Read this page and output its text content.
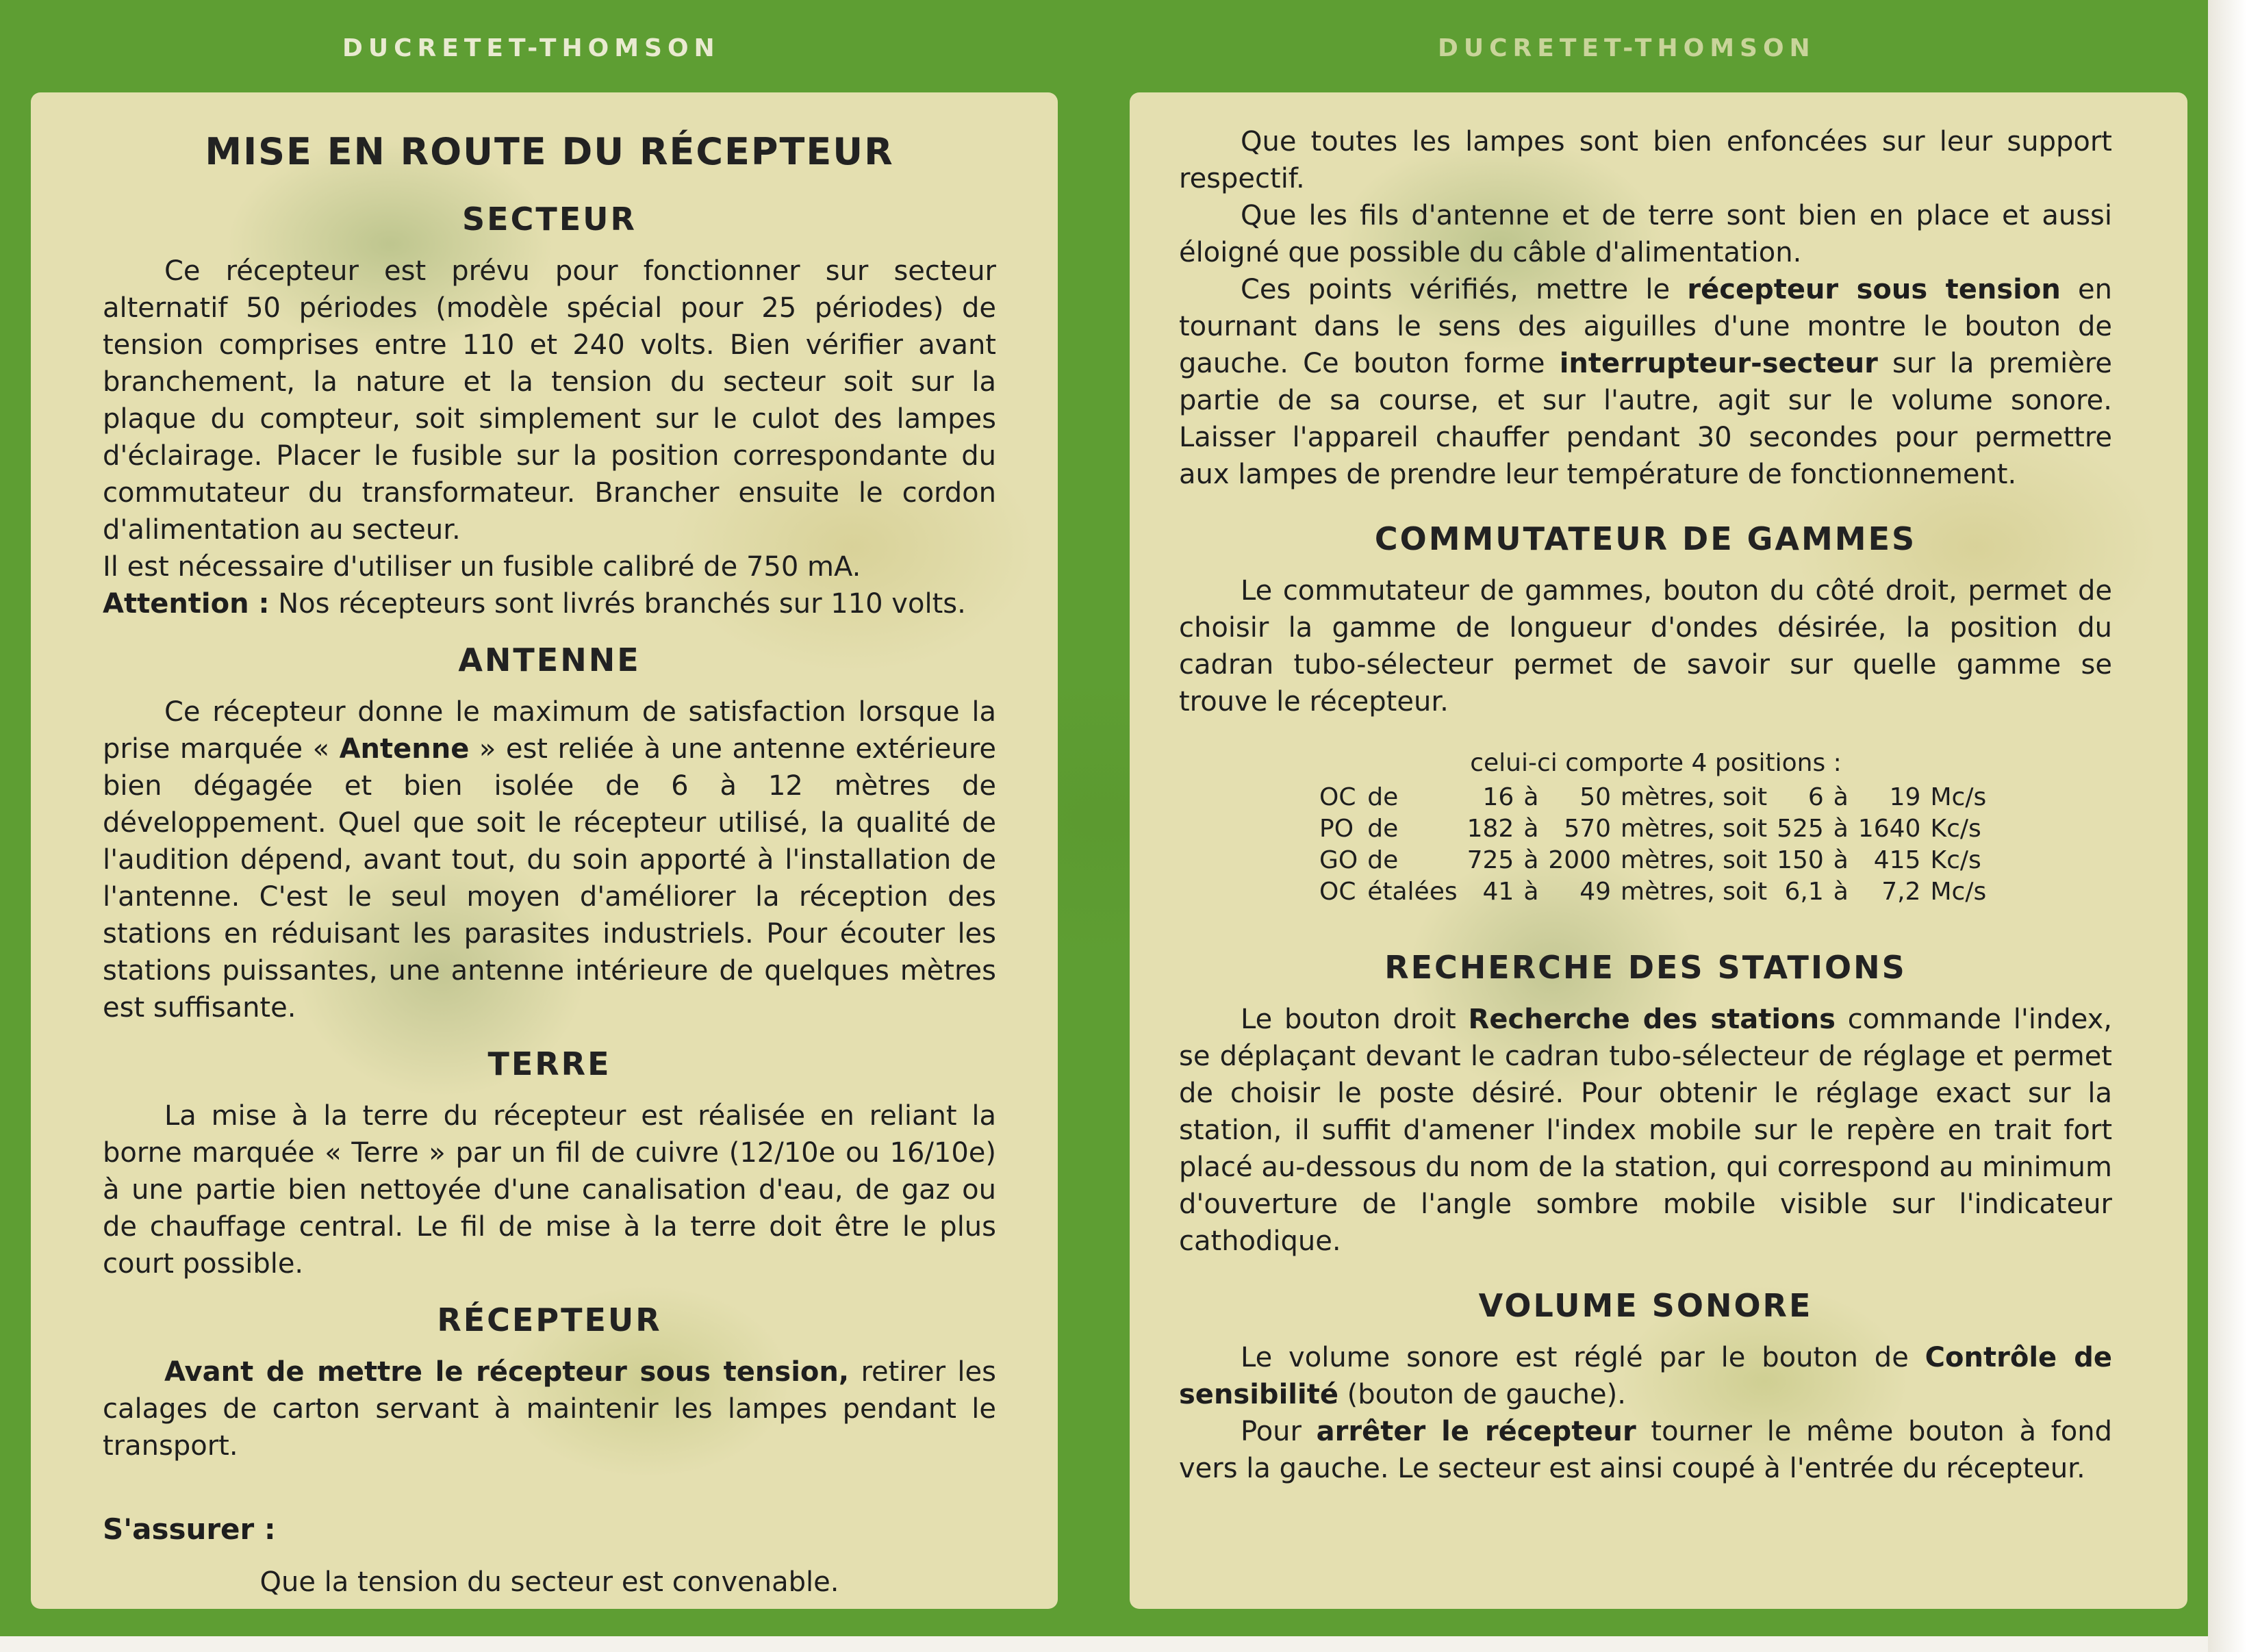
DUCRETET-THOMSON	DUCRETET-THOMSON
MISE EN ROUTE DU RÉCEPTEUR
SECTEUR

Ce récepteur est prévu pour fonctionner sur secteur alternatif 50 périodes (modèle spécial pour 25 périodes) de tension comprises entre 110 et 240 volts. Bien vérifier avant branchement, la nature et la tension du secteur soit sur la plaque du compteur, soit simplement sur le culot des lampes d'éclairage. Placer le fusible sur la position correspondante du commutateur du transformateur. Brancher ensuite le cordon d'alimentation au secteur.

Il est nécessaire d'utiliser un fusible calibré de 750 mA.

Attention : Nos récepteurs sont livrés branchés sur 110 volts.

ANTENNE

Ce récepteur donne le maximum de satisfaction lorsque la prise marquée « Antenne » est reliée à une antenne extérieure bien dégagée et bien isolée de 6 à 12 mètres de développement. Quel que soit le récepteur utilisé, la qualité de l'audition dépend, avant tout, du soin apporté à l'installation de l'antenne. C'est le seul moyen d'améliorer la réception des stations en réduisant les parasites industriels. Pour écouter les stations puissantes, une antenne intérieure de quelques mètres est suffisante.

TERRE

La mise à la terre du récepteur est réalisée en reliant la borne marquée « Terre » par un fil de cuivre (12/10e ou 16/10e) à une partie bien nettoyée d'une canalisation d'eau, de gaz ou de chauffage central. Le fil de mise à la terre doit être le plus court possible.

RÉCEPTEUR

Avant de mettre le récepteur sous tension, retirer les calages de carton servant à maintenir les lampes pendant le transport.

S'assurer :
Que la tension du secteur est convenable.

Que toutes les lampes sont bien enfoncées sur leur support respectif.

Que les fils d'antenne et de terre sont bien en place et aussi éloigné que possible du câble d'alimentation.

Ces points vérifiés, mettre le récepteur sous tension en tournant dans le sens des aiguilles d'une montre le bouton de gauche. Ce bouton forme interrupteur-secteur sur la première partie de sa course, et sur l'autre, agit sur le volume sonore. Laisser l'appareil chauffer pendant 30 secondes pour permettre aux lampes de prendre leur température de fonctionnement.

COMMUTATEUR DE GAMMES

Le commutateur de gammes, bouton du côté droit, permet de choisir la gamme de longueur d'ondes désirée, la position du cadran tubo-sélecteur permet de savoir sur quelle gamme se trouve le récepteur.

celui-ci comporte 4 positions :
OC	de	16	à	50	mètres, soit	6	à	19	Mc/s
PO	de	182	à	570	mètres, soit	525	à	1640	Kc/s
GO	de	725	à	2000	mètres, soit	150	à	415	Kc/s
OC	étalées	41	à	49	mètres, soit	6,1	à	7,2	Mc/s
RECHERCHE DES STATIONS

Le bouton droit Recherche des stations commande l'index, se déplaçant devant le cadran tubo-sélecteur de réglage et permet de choisir le poste désiré. Pour obtenir le réglage exact sur la station, il suffit d'amener l'index mobile sur le repère en trait fort placé au-dessous du nom de la station, qui correspond au minimum d'ouverture de l'angle sombre mobile visible sur l'indicateur cathodique.

VOLUME SONORE

Le volume sonore est réglé par le bouton de Contrôle de sensibilité (bouton de gauche).

Pour arrêter le récepteur tourner le même bouton à fond vers la gauche. Le secteur est ainsi coupé à l'entrée du récepteur.
